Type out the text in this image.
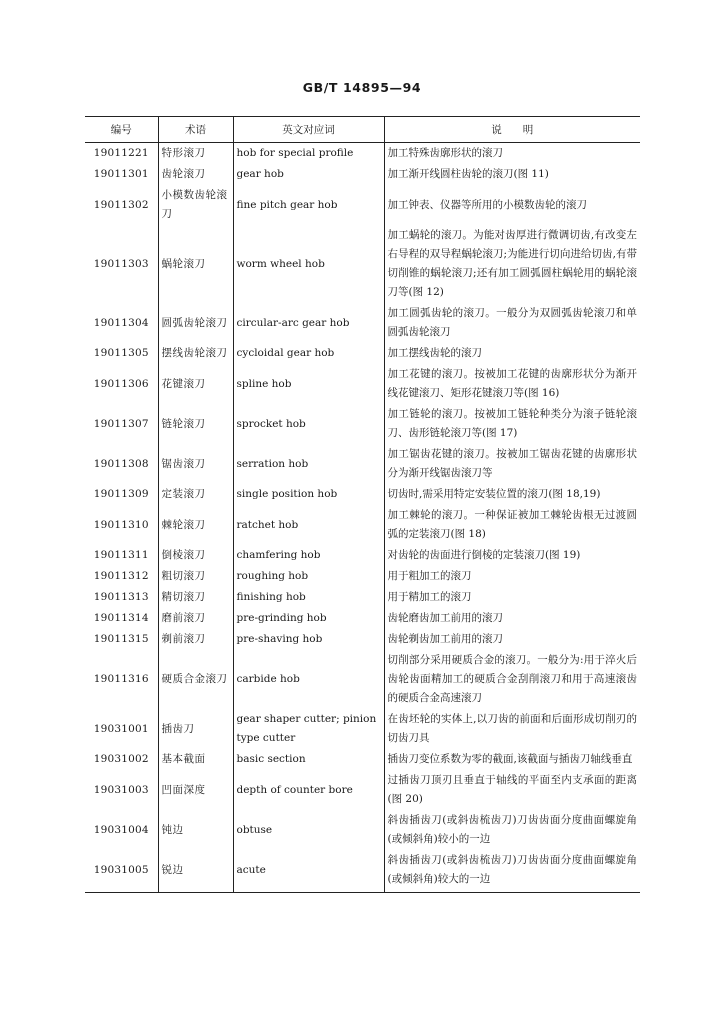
GB/T 14895—94
编号	术语	英文对应词	说　　明
19011221	特形滚刀	hob for special profile	加工特殊齿廓形状的滚刀
19011301	齿轮滚刀	gear hob	加工渐开线圆柱齿轮的滚刀(图 11)
19011302	小模数齿轮滚刀	fine pitch gear hob	加工钟表、仪器等所用的小模数齿轮的滚刀
19011303	蜗轮滚刀	worm wheel hob	加工蜗轮的滚刀。为能对齿厚进行微调切齿,有改变左右导程的双导程蜗轮滚刀;为能进行切向进给切齿,有带切削锥的蜗轮滚刀;还有加工圆弧圆柱蜗轮用的蜗轮滚刀等(图 12)
19011304	圆弧齿轮滚刀	circular-arc gear hob	加工圆弧齿轮的滚刀。一般分为双圆弧齿轮滚刀和单圆弧齿轮滚刀
19011305	摆线齿轮滚刀	cycloidal gear hob	加工摆线齿轮的滚刀
19011306	花键滚刀	spline hob	加工花键的滚刀。按被加工花键的齿廓形状分为渐开线花键滚刀、矩形花键滚刀等(图 16)
19011307	链轮滚刀	sprocket hob	加工链轮的滚刀。按被加工链轮种类分为滚子链轮滚刀、齿形链轮滚刀等(图 17)
19011308	锯齿滚刀	serration hob	加工锯齿花键的滚刀。按被加工锯齿花键的齿廓形状分为渐开线锯齿滚刀等
19011309	定装滚刀	single position hob	切齿时,需采用特定安装位置的滚刀(图 18,19)
19011310	棘轮滚刀	ratchet hob	加工棘轮的滚刀。一种保证被加工棘轮齿根无过渡圆弧的定装滚刀(图 18)
19011311	倒棱滚刀	chamfering hob	对齿轮的齿面进行倒棱的定装滚刀(图 19)
19011312	粗切滚刀	roughing hob	用于粗加工的滚刀
19011313	精切滚刀	finishing hob	用于精加工的滚刀
19011314	磨前滚刀	pre-grinding hob	齿轮磨齿加工前用的滚刀
19011315	剃前滚刀	pre-shaving hob	齿轮剃齿加工前用的滚刀
19011316	硬质合金滚刀	carbide hob	切削部分采用硬质合金的滚刀。一般分为:用于淬火后齿轮齿面精加工的硬质合金刮削滚刀和用于高速滚齿的硬质合金高速滚刀
19031001	插齿刀	gear shaper cutter; pinion type cutter	在齿坯轮的实体上,以刀齿的前面和后面形成切削刃的切齿刀具
19031002	基本截面	basic section	插齿刀变位系数为零的截面,该截面与插齿刀轴线垂直
19031003	凹面深度	depth of counter bore	过插齿刀顶刃且垂直于轴线的平面至内支承面的距离(图 20)
19031004	钝边	obtuse	斜齿插齿刀(或斜齿梳齿刀)刀齿齿面分度曲面螺旋角(或倾斜角)较小的一边
19031005	锐边	acute	斜齿插齿刀(或斜齿梳齿刀)刀齿齿面分度曲面螺旋角(或倾斜角)较大的一边
